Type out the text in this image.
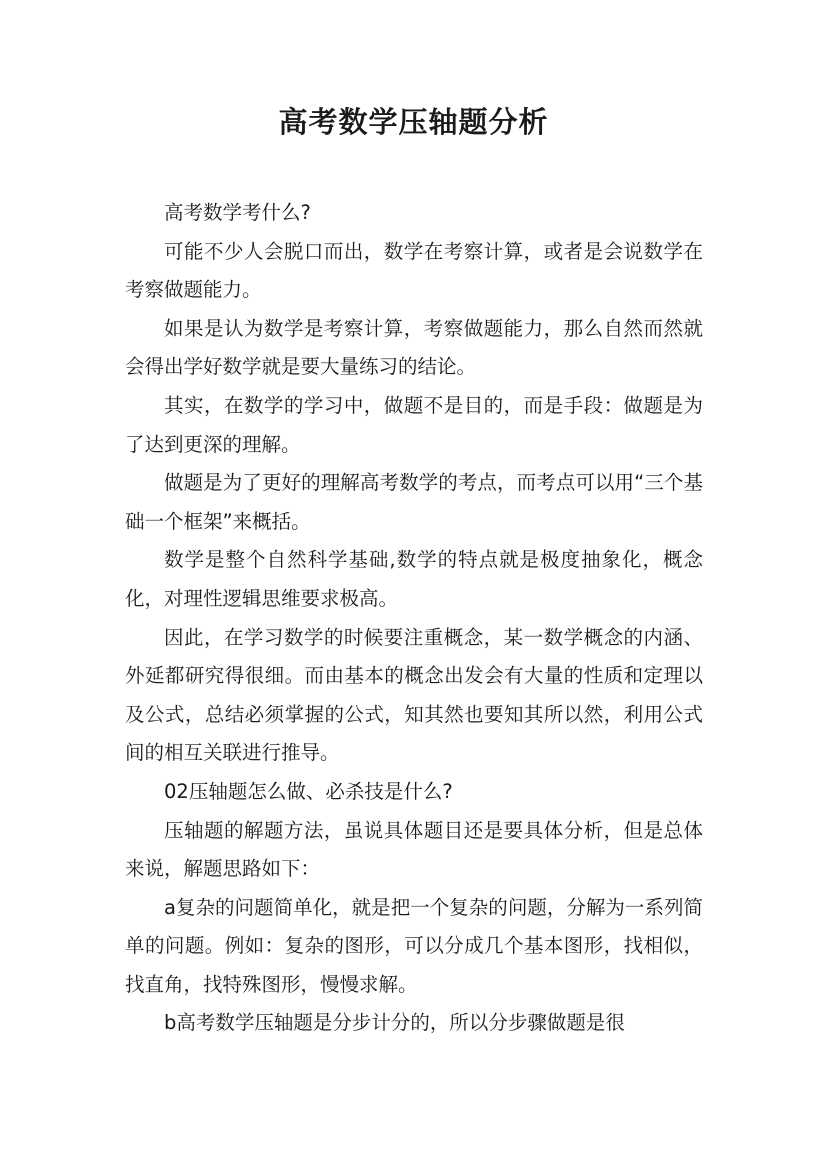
高考数学压轴题分析

高考数学考什么?

可能不少人会脱口而出，数学在考察计算，或者是会说数学在考察做题能力。

如果是认为数学是考察计算，考察做题能力，那么自然而然就会得出学好数学就是要大量练习的结论。

其实，在数学的学习中，做题不是目的，而是手段：做题是为了达到更深的理解。

做题是为了更好的理解高考数学的考点，而考点可以用“三个基础一个框架”来概括。

数学是整个自然科学基础,数学的特点就是极度抽象化，概念化，对理性逻辑思维要求极高。

因此，在学习数学的时候要注重概念，某一数学概念的内涵、外延都研究得很细。而由基本的概念出发会有大量的性质和定理以及公式，总结必须掌握的公式，知其然也要知其所以然，利用公式间的相互关联进行推导。

02压轴题怎么做、必杀技是什么?

压轴题的解题方法，虽说具体题目还是要具体分析，但是总体来说，解题思路如下：

a复杂的问题简单化，就是把一个复杂的问题，分解为一系列简单的问题。例如：复杂的图形，可以分成几个基本图形，找相似，找直角，找特殊图形，慢慢求解。

b高考数学压轴题是分步计分的，所以分步骤做题是很
